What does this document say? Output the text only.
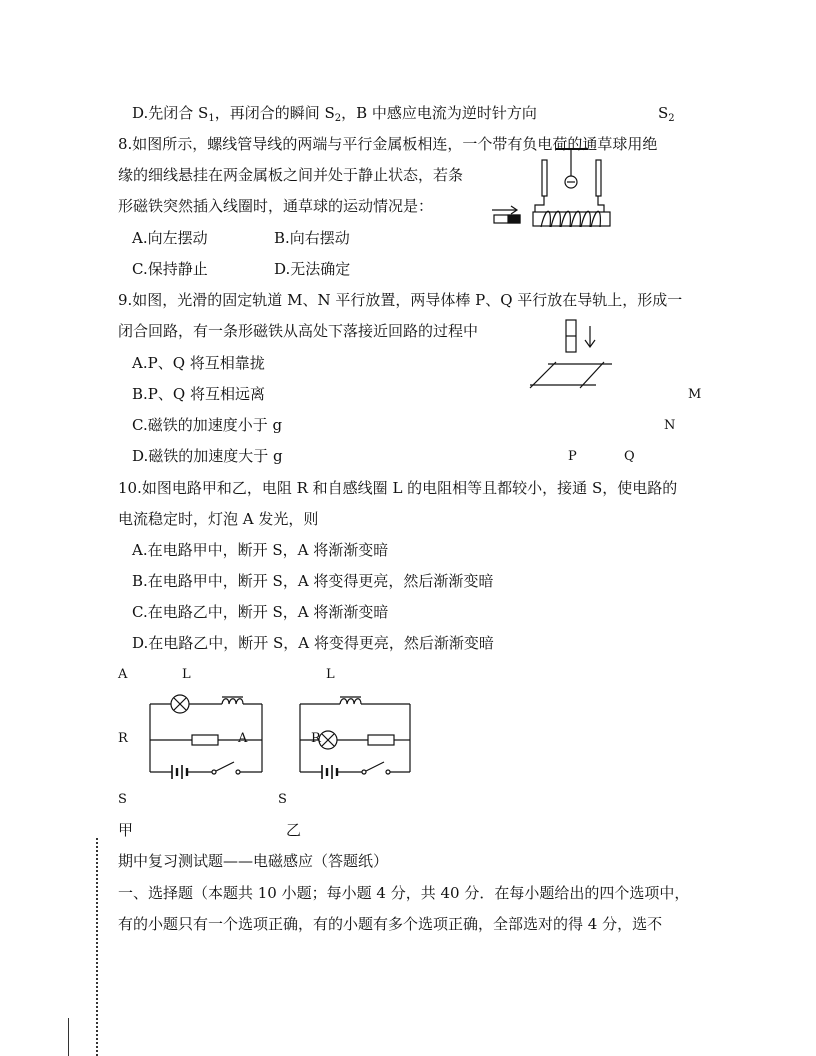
D.先闭合 $S_1$，再闭合的瞬间 $S_2$，B 中感应电流为逆时针方向	$S_2$
8.如图所示，螺线管导线的两端与平行金属板相连，一个带有负电荷的通草球用绝
缘的细线悬挂在两金属板之间并处于静止状态，若条
形磁铁突然插入线圈时，通草球的运动情况是：
A.向左摆动	B.向右摆动
C.保持静止	D.无法确定
9.如图，光滑的固定轨道 M、N 平行放置，两导体棒 P、Q 平行放在导轨上，形成一
闭合回路，有一条形磁铁从高处下落接近回路的过程中
A.P、Q 将互相靠拢
B.P、Q 将互相远离
C.磁铁的加速度小于 g
D.磁铁的加速度大于 g
M
N
P	Q
10.如图电路甲和乙，电阻 R 和自感线圈 L 的电阻相等且都较小，接通 S，使电路的
电流稳定时，灯泡 A 发光，则
A.在电路甲中，断开 S，A 将渐渐变暗
B.在电路甲中，断开 S，A 将变得更亮，然后渐渐变暗
C.在电路乙中，断开 S，A 将渐渐变暗
D.在电路乙中，断开 S，A 将变得更亮，然后渐渐变暗
A	L	L
R	A	R
S	S
甲	乙
期中复习测试题——电磁感应（答题纸）
一、选择题（本题共 10 小题；每小题 4 分，共 40 分．在每小题给出的四个选项中，
有的小题只有一个选项正确，有的小题有多个选项正确，全部选对的得 4 分，选不
